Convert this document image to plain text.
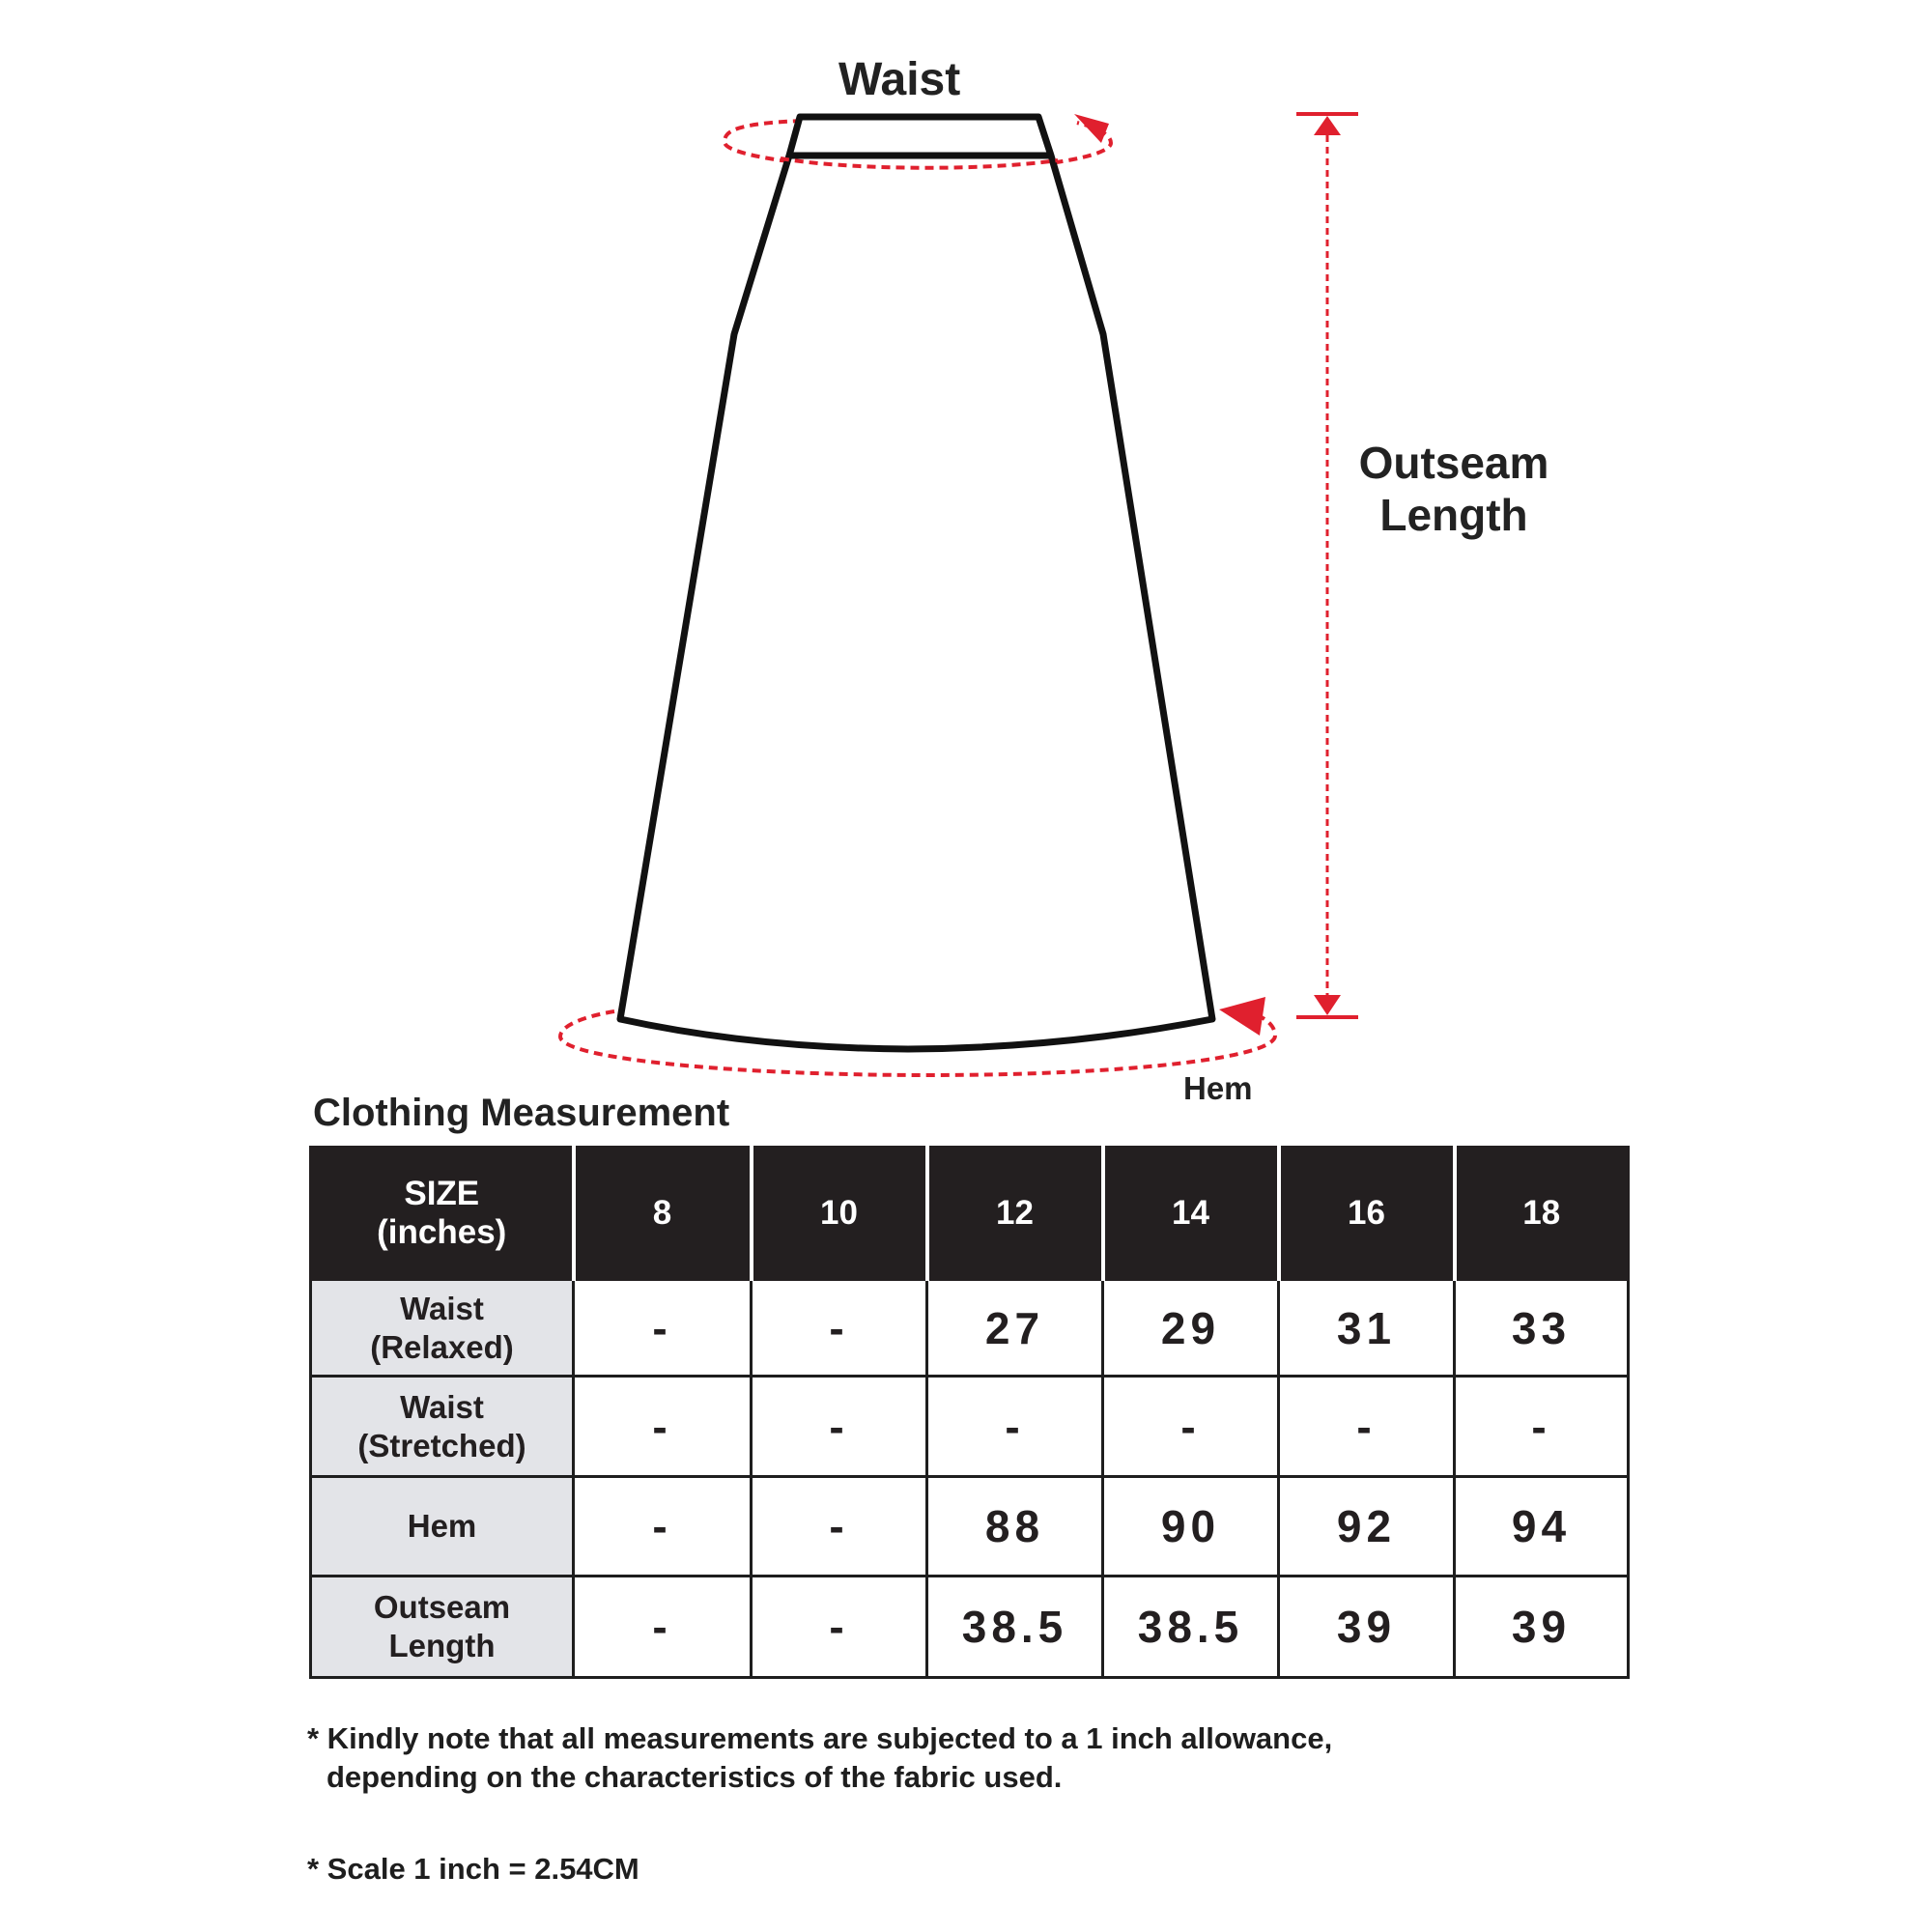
Waist
Outseam
Length
Hem
Clothing Measurement
SIZE
(inches)	8	10	12	14	16	18

Waist
(Relaxed)	-	-	27	29	31	33

Waist
(Stretched)	-	-	-	-	-	-

Hem	-	-	88	90	92	94

Outseam
Length	-	-	38.5	38.5	39	39
* Kindly note that all measurements are subjected to a 1 inch allowance,
depending on the characteristics of the fabric used.
* Scale 1 inch = 2.54CM
